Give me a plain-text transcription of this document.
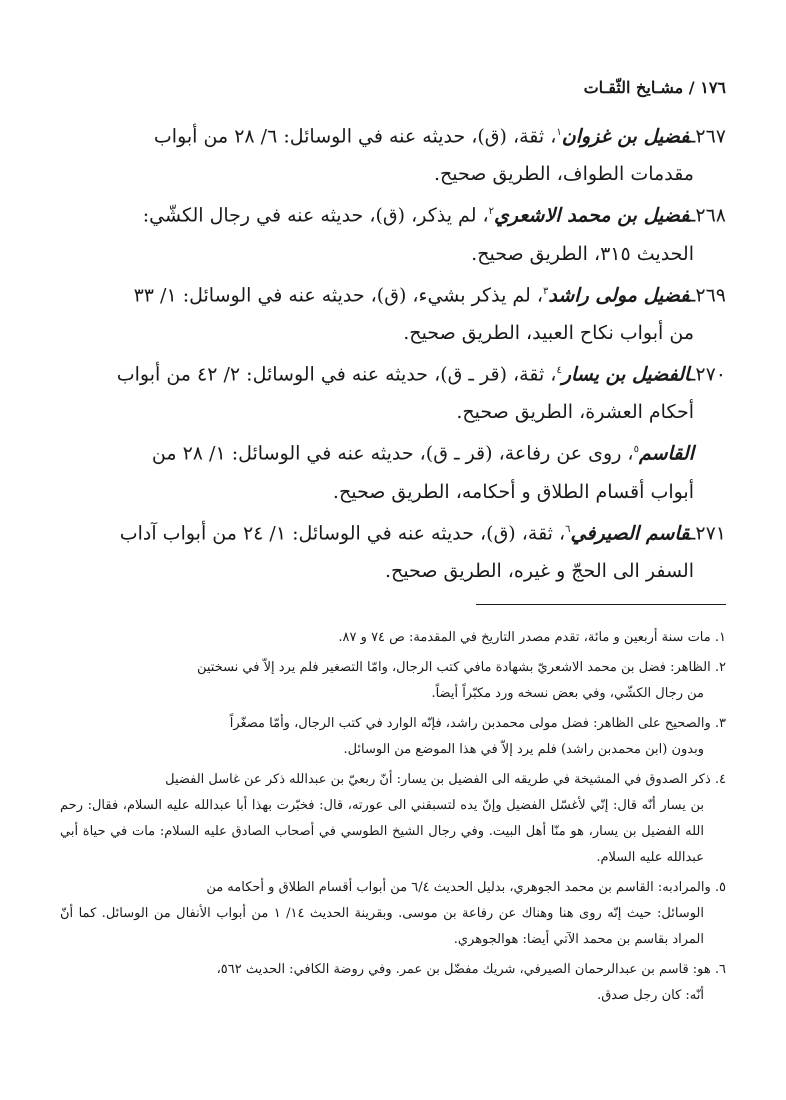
١٧٦ / مشـايخ الثّقـات

٢٦٧ـفضيل بن غزوان$^١$، ثقة، (ق)، حديثه عنه في الوسائل: ٦/ ٢٨ من أبواب
مقدمات الطواف، الطريق صحيح.

٢٦٨ـفضيل بن محمد الاشعري$^٢$، لم يذكر، (ق)، حديثه عنه في رجال الكشّي:
الحديث ٣١٥، الطريق صحيح.

٢٦٩ـفضيل مولى راشد$^٣$، لم يذكر بشيء، (ق)، حديثه عنه في الوسائل: ١/ ٣٣
من أبواب نكاح العبيد، الطريق صحيح.

٢٧٠ـالفضيل بن يسار$^٤$، ثقة، (قر ـ ق)، حديثه عنه في الوسائل: ٢/ ٤٢ من أبواب
أحكام العشرة، الطريق صحيح.

القاسم$^٥$، روى عن رفاعة، (قر ـ ق)، حديثه عنه في الوسائل: ١/ ٢٨ من
أبواب أقسام الطلاق و أحكامه، الطريق صحيح.

٢٧١ـقاسم الصيرفي$^٦$، ثقة، (ق)، حديثه عنه في الوسائل: ١/ ٢٤ من أبواب آداب
السفر الى الحجّ و غيره، الطريق صحيح.

١. مات سنة أربعين و مائة، تقدم مصدر التاريخ في المقدمة: ص ٧٤ و ٨٧.

٢. الظاهر: فضل بن محمد الاشعريّ بشهادة مافي كتب الرجال، وامّا التصغير فلم يرد إلاّ في نسختين
من رجال الكشّي، وفي بعض نسخه ورد مكبّراً أيضاً.

٣. والصحيح على الظاهر: فضل مولى محمدبن راشد، فإنّه الوارد في كتب الرجال، وأمّا مصغّراً
وبدون (ابن محمدبن راشد) فلم يرد إلاّ في هذا الموضع من الوسائل.

٤. ذكر الصدوق في المشيخة في طريقه الى الفضيل بن يسار: أنّ ربعيّ بن عبدالله ذكر عن غاسل الفضيل
بن يسار أنّه قال: إنّي لأغسّل الفضيل وإنّ يده لتسبقني الى عورته، قال: فخبّرت بهذا أبا عبدالله عليه السلام، فقال: رحم الله الفضيل بن يسار، هو منّا أهل البيت. وفي رجال الشيخ الطوسي في أصحاب الصادق عليه السلام: مات في حياة أبي عبدالله عليه السلام.

٥. والمرادبه: القاسم بن محمد الجوهري، بدليل الحديث ٦/٤ من أبواب أقسام الطلاق و أحكامه من
الوسائل: حيث إنّه روى هنا وهناك عن رفاعة بن موسى. وبقرينة الحديث ١٤/ ١ من أبواب الأنفال من الوسائل. كما أنّ المراد بقاسم بن محمد الآتي أيضا: هوالجوهري.

٦. هو: قاسم بن عبدالرحمان الصيرفي، شريك مفضّل بن عمر. وفي روضة الكافي: الحديث ٥٦٢،
أنّه: كان رجل صدق.
